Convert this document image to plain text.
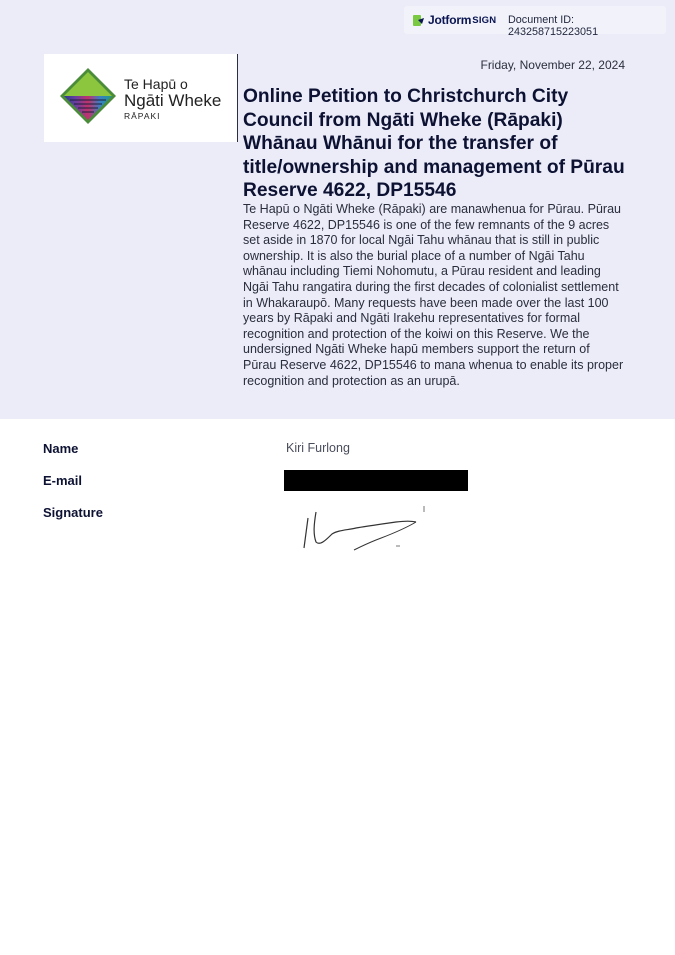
Jotform SIGN Document ID: 243258715223051
Te Hapū o
Ngāti Wheke
RĀPAKI
Friday, November 22, 2024
Online Petition to Christchurch City Council from Ngāti Wheke (Rāpaki) Whānau Whānui for the transfer of title/ownership and management of Pūrau Reserve 4622, DP15546

Te Hapū o Ngāti Wheke (Rāpaki) are manawhenua for Pūrau. Pūrau Reserve 4622, DP15546 is one of the few remnants of the 9 acres set aside in 1870 for local Ngāi Tahu whānau that is still in public ownership. It is also the burial place of a number of Ngāi Tahu whānau including Tiemi Nohomutu, a Pūrau resident and leading Ngāi Tahu rangatira during the first decades of colonialist settlement in Whakaraupō. Many requests have been made over the last 100 years by Rāpaki and Ngāti Irakehu representatives for formal recognition and protection of the koiwi on this Reserve. We the undersigned Ngāti Wheke hapū members support the return of Pūrau Reserve 4622, DP15546 to mana whenua to enable its proper recognition and protection as an urupā.

Name	Kiri Furlong
E-mail
Signature
